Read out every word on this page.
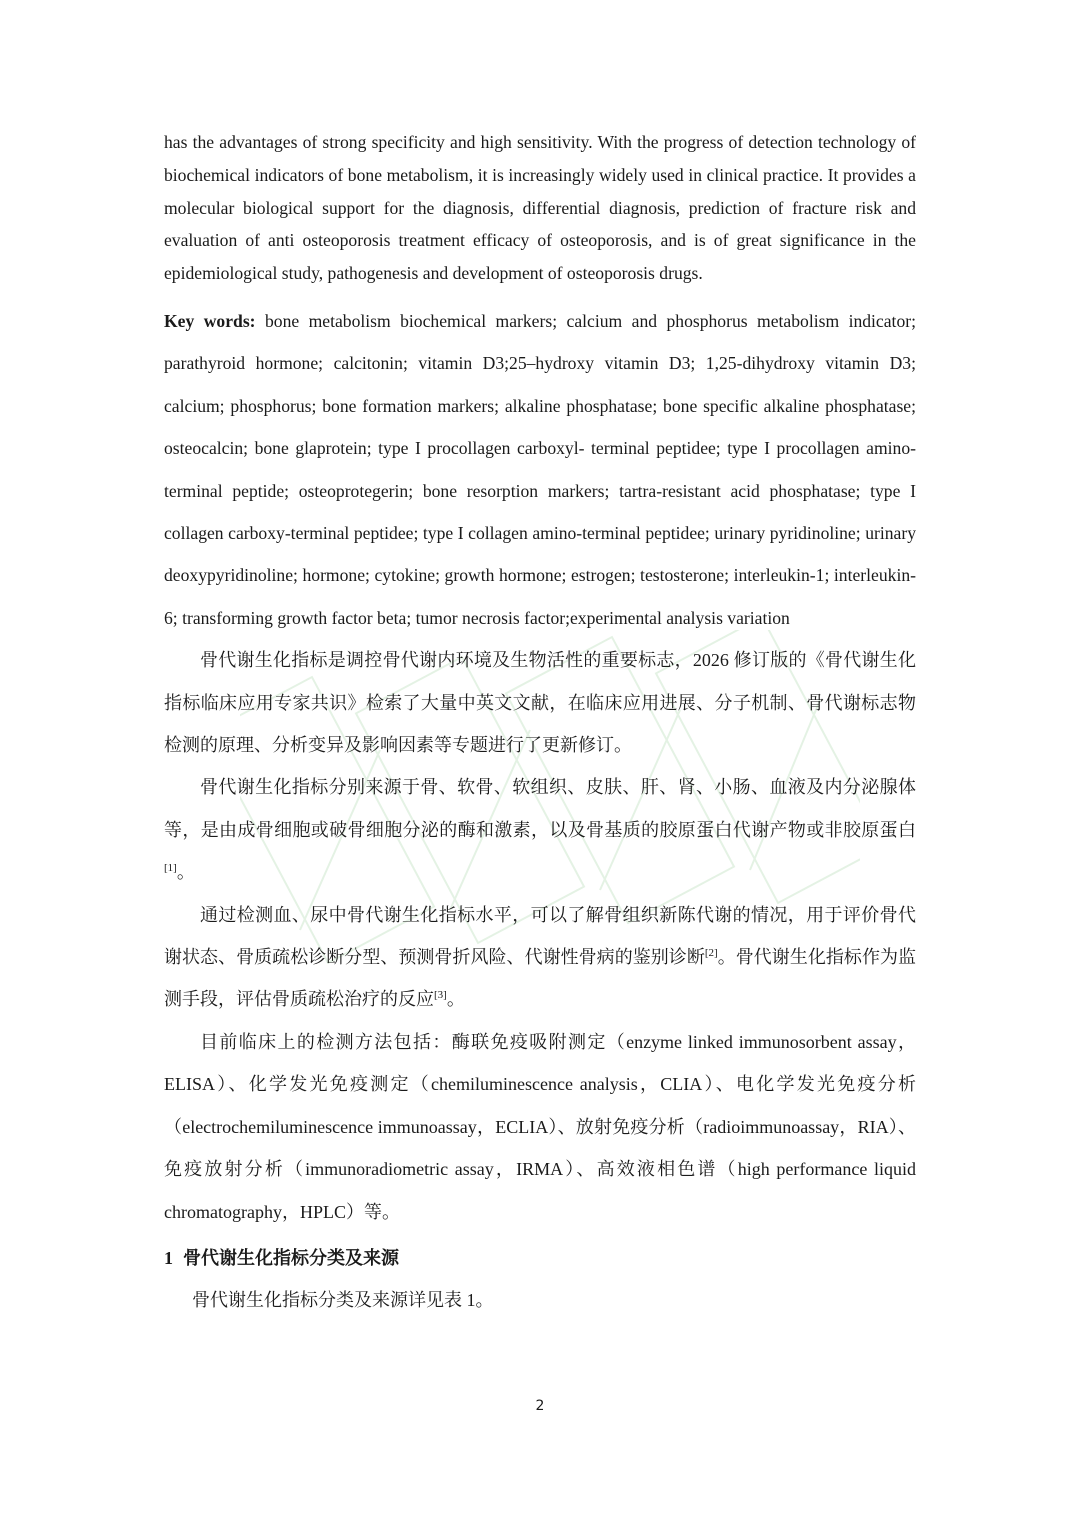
has the advantages of strong specificity and high sensitivity. With the progress of detection technology of biochemical indicators of bone metabolism, it is increasingly widely used in clinical practice. It provides a molecular biological support for the diagnosis, differential diagnosis, prediction of fracture risk and evaluation of anti osteoporosis treatment efficacy of osteoporosis, and is of great significance in the epidemiological study, pathogenesis and development of osteoporosis drugs.

Key words: bone metabolism biochemical markers; calcium and phosphorus metabolism indicator; parathyroid hormone; calcitonin; vitamin D3;25–hydroxy vitamin D3; 1,25-dihydroxy vitamin D3; calcium; phosphorus; bone formation markers; alkaline phosphatase; bone specific alkaline phosphatase; osteocalcin; bone glaprotein; type I procollagen carboxyl- terminal peptidee; type I procollagen amino-terminal peptide; osteoprotegerin; bone resorption markers; tartra-resistant acid phosphatase; type I collagen carboxy-terminal peptidee; type I collagen amino-terminal peptidee; urinary pyridinoline; urinary deoxypyridinoline; hormone; cytokine; growth hormone; estrogen; testosterone; interleukin-1; interleukin-6; transforming growth factor beta; tumor necrosis factor;experimental analysis variation

骨代谢生化指标是调控骨代谢内环境及生物活性的重要标志，2026 修订版的《骨代谢生化指标临床应用专家共识》检索了大量中英文文献，在临床应用进展、分子机制、骨代谢标志物检测的原理、分析变异及影响因素等专题进行了更新修订。

骨代谢生化指标分别来源于骨、软骨、软组织、皮肤、肝、肾、小肠、血液及内分泌腺体等，是由成骨细胞或破骨细胞分泌的酶和激素，以及骨基质的胶原蛋白代谢产物或非胶原蛋白[1]。

通过检测血、尿中骨代谢生化指标水平，可以了解骨组织新陈代谢的情况，用于评价骨代谢状态、骨质疏松诊断分型、预测骨折风险、代谢性骨病的鉴别诊断[2]。骨代谢生化指标作为监测手段，评估骨质疏松治疗的反应[3]。

目前临床上的检测方法包括：酶联免疫吸附测定（enzyme linked immunosorbent assay，ELISA）、化学发光免疫测定（chemiluminescence analysis，CLIA）、电化学发光免疫分析（electrochemiluminescence immunoassay，ECLIA）、放射免疫分析（radioimmunoassay，RIA）、免疫放射分析（immunoradiometric assay，IRMA）、高效液相色谱（high performance liquid chromatography，HPLC）等。

1 骨代谢生化指标分类及来源

骨代谢生化指标分类及来源详见表 1。

2
